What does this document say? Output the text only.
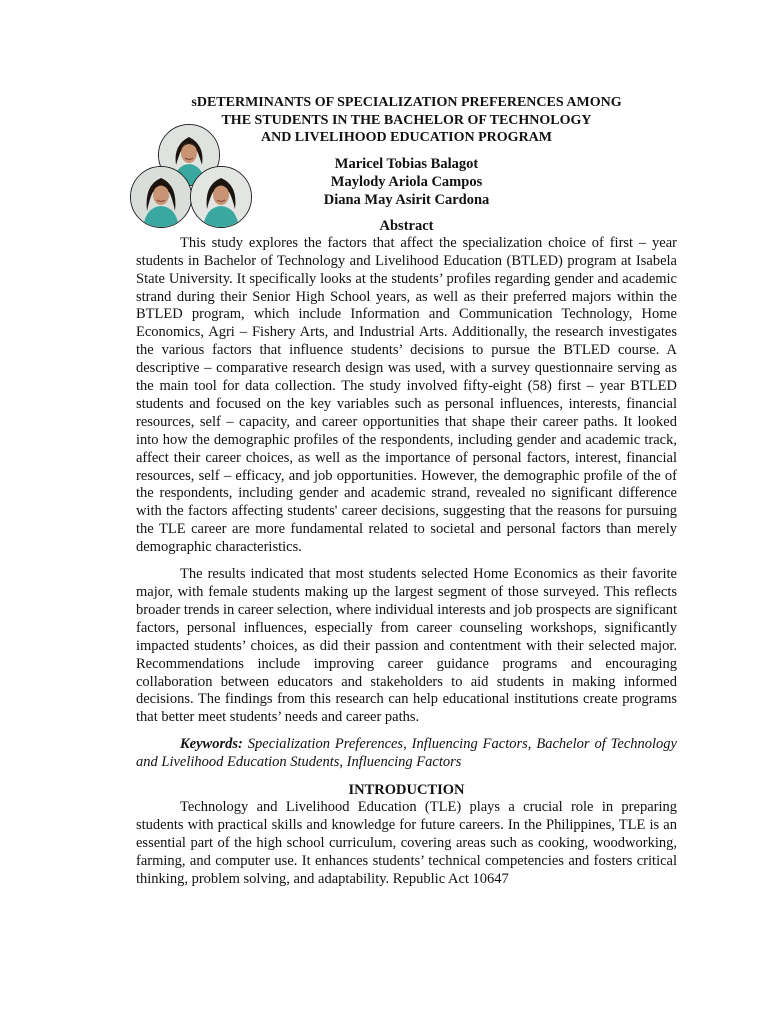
sDETERMINANTS OF SPECIALIZATION PREFERENCES AMONG
THE STUDENTS IN THE BACHELOR OF TECHNOLOGY
AND LIVELIHOOD EDUCATION PROGRAM
Maricel Tobias Balagot
Maylody Ariola Campos
Diana May Asirit Cardona
Abstract

This study explores the factors that affect the specialization choice of first – year students in Bachelor of Technology and Livelihood Education (BTLED) program at Isabela State University. It specifically looks at the students’ profiles regarding gender and academic strand during their Senior High School years, as well as their preferred majors within the BTLED program, which include Information and Communication Technology, Home Economics, Agri – Fishery Arts, and Industrial Arts. Additionally, the research investigates the various factors that influence students’ decisions to pursue the BTLED course. A descriptive – comparative research design was used, with a survey questionnaire serving as the main tool for data collection. The study involved fifty-eight (58) first – year BTLED students and focused on the key variables such as personal influences, interests, financial resources, self – capacity, and career opportunities that shape their career paths. It looked into how the demographic profiles of the respondents, including gender and academic track, affect their career choices, as well as the importance of personal factors, interest, financial resources, self – efficacy, and job opportunities. However, the demographic profile of the of the respondents, including gender and academic strand, revealed no significant difference with the factors affecting students' career decisions, suggesting that the reasons for pursuing the TLE career are more fundamental related to societal and personal factors than merely demographic characteristics.

The results indicated that most students selected Home Economics as their favorite major, with female students making up the largest segment of those surveyed. This reflects broader trends in career selection, where individual interests and job prospects are significant factors, personal influences, especially from career counseling workshops, significantly impacted students’ choices, as did their passion and contentment with their selected major. Recommendations include improving career guidance programs and encouraging collaboration between educators and stakeholders to aid students in making informed decisions. The findings from this research can help educational institutions create programs that better meet students’ needs and career paths.

Keywords: Specialization Preferences, Influencing Factors, Bachelor of Technology and Livelihood Education Students, Influencing Factors

INTRODUCTION

Technology and Livelihood Education (TLE) plays a crucial role in preparing students with practical skills and knowledge for future careers. In the Philippines, TLE is an essential part of the high school curriculum, covering areas such as cooking, woodworking, farming, and computer use. It enhances students’ technical competencies and fosters critical thinking, problem solving, and adaptability. Republic Act 10647
